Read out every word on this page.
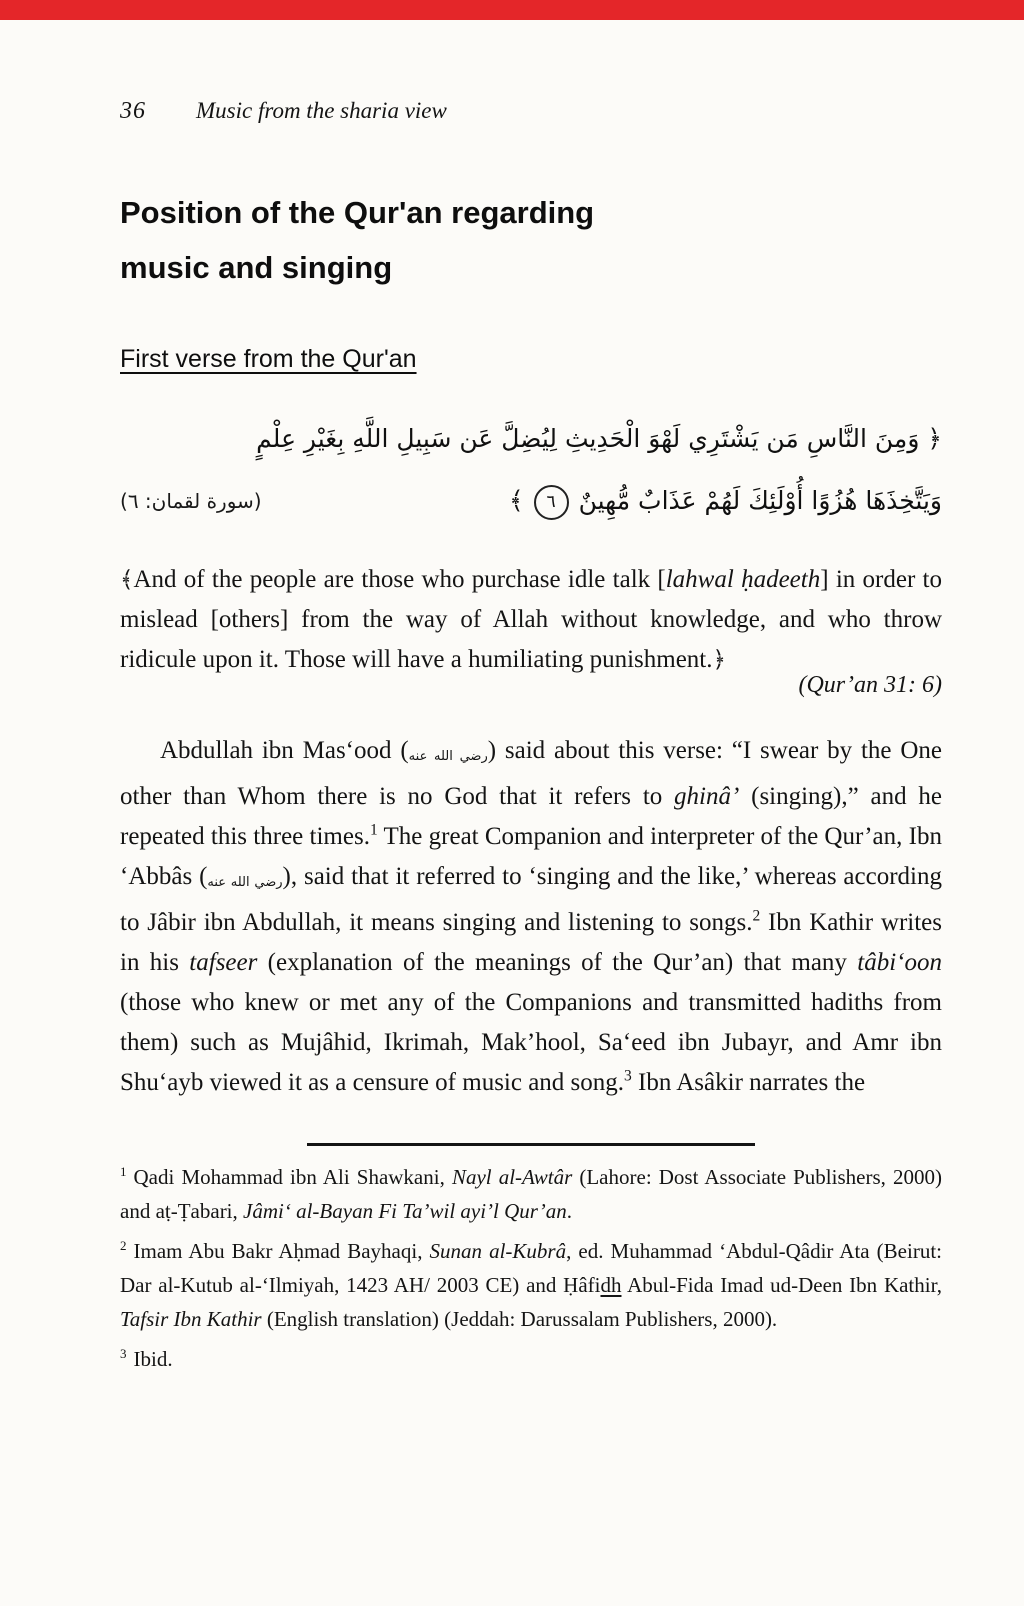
36 Music from the sharia view
Position of the Qur'an regarding
music and singing
First verse from the Qur'an
﴿ وَمِنَ النَّاسِ مَن يَشْتَرِي لَهْوَ الْحَدِيثِ لِيُضِلَّ عَن سَبِيلِ اللَّهِ بِغَيْرِ عِلْمٍ
وَيَتَّخِذَهَا هُزُوًا أُوْلَئِكَ لَهُمْ عَذَابٌ مُّهِينٌ٦﴾
(سورة لقمان: ٦)

﴾And of the people are those who purchase idle talk [lahwal ḥadeeth] in order to mislead [others] from the way of Allah without knowledge, and who throw ridicule upon it. Those will have a humiliating punishment.﴿

(Qur’an 31: 6)

Abdullah ibn Mas‘ood (رضي الله عنه) said about this verse: “I swear by the One other than Whom there is no God that it refers to ghinâ’ (singing),” and he repeated this three times.$^1$ The great Companion and interpreter of the Qur’an, Ibn ‘Abbâs (رضي الله عنه), said that it referred to ‘singing and the like,’ whereas according to Jâbir ibn Abdullah, it means singing and listening to songs.$^2$ Ibn Kathir writes in his tafseer (explanation of the meanings of the Qur’an) that many tâbi‘oon (those who knew or met any of the Companions and transmitted hadiths from them) such as Mujâhid, Ikrimah, Mak’hool, Sa‘eed ibn Jubayr, and Amr ibn Shu‘ayb viewed it as a censure of music and song.$^3$ Ibn Asâkir narrates the

$^1$ Qadi Mohammad ibn Ali Shawkani, Nayl al-Awtâr (Lahore: Dost Associate Publishers, 2000) and aṭ-Ṭabari, Jâmi‘ al-Bayan Fi Ta’wil ayi’l Qur’an.

$^2$ Imam Abu Bakr Aḥmad Bayhaqi, Sunan al-Kubrâ, ed. Muhammad ‘Abdul-Qâdir Ata (Beirut: Dar al-Kutub al-‘Ilmiyah, 1423 AH/ 2003 CE) and Ḥâfidh Abul-Fida Imad ud-Deen Ibn Kathir, Tafsir Ibn Kathir (English translation) (Jeddah: Darussalam Publishers, 2000).

$^3$ Ibid.
